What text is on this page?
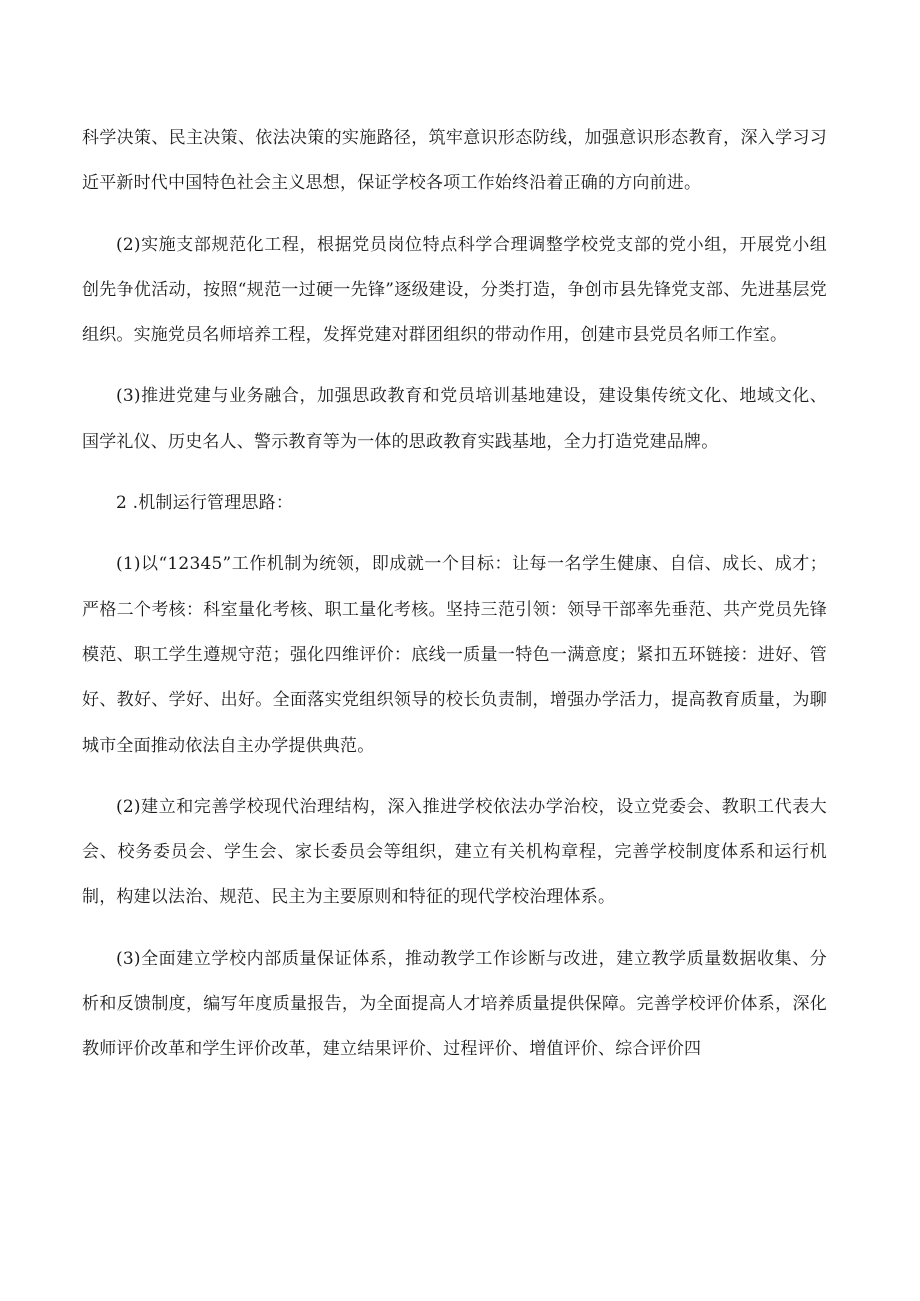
科学决策、民主决策、依法决策的实施路径，筑牢意识形态防线，加强意识形态教育，深入学习习近平新时代中国特色社会主义思想，保证学校各项工作始终沿着正确的方向前进。

(2)实施支部规范化工程，根据党员岗位特点科学合理调整学校党支部的党小组，开展党小组创先争优活动，按照“规范一过硬一先锋”逐级建设，分类打造，争创市县先锋党支部、先进基层党组织。实施党员名师培养工程，发挥党建对群团组织的带动作用，创建市县党员名师工作室。

(3)推进党建与业务融合，加强思政教育和党员培训基地建设，建设集传统文化、地域文化、国学礼仪、历史名人、警示教育等为一体的思政教育实践基地，全力打造党建品牌。

2 .机制运行管理思路：

(1)以“12345”工作机制为统领，即成就一个目标：让每一名学生健康、自信、成长、成才；严格二个考核：科室量化考核、职工量化考核。坚持三范引领：领导干部率先垂范、共产党员先锋模范、职工学生遵规守范；强化四维评价：底线一质量一特色一满意度；紧扣五环链接：进好、管好、教好、学好、出好。全面落实党组织领导的校长负责制，增强办学活力，提高教育质量，为聊城市全面推动依法自主办学提供典范。

(2)建立和完善学校现代治理结构，深入推进学校依法办学治校，设立党委会、教职工代表大会、校务委员会、学生会、家长委员会等组织，建立有关机构章程，完善学校制度体系和运行机制，构建以法治、规范、民主为主要原则和特征的现代学校治理体系。

(3)全面建立学校内部质量保证体系，推动教学工作诊断与改进，建立教学质量数据收集、分析和反馈制度，编写年度质量报告，为全面提高人才培养质量提供保障。完善学校评价体系，深化教师评价改革和学生评价改革，建立结果评价、过程评价、增值评价、综合评价四
